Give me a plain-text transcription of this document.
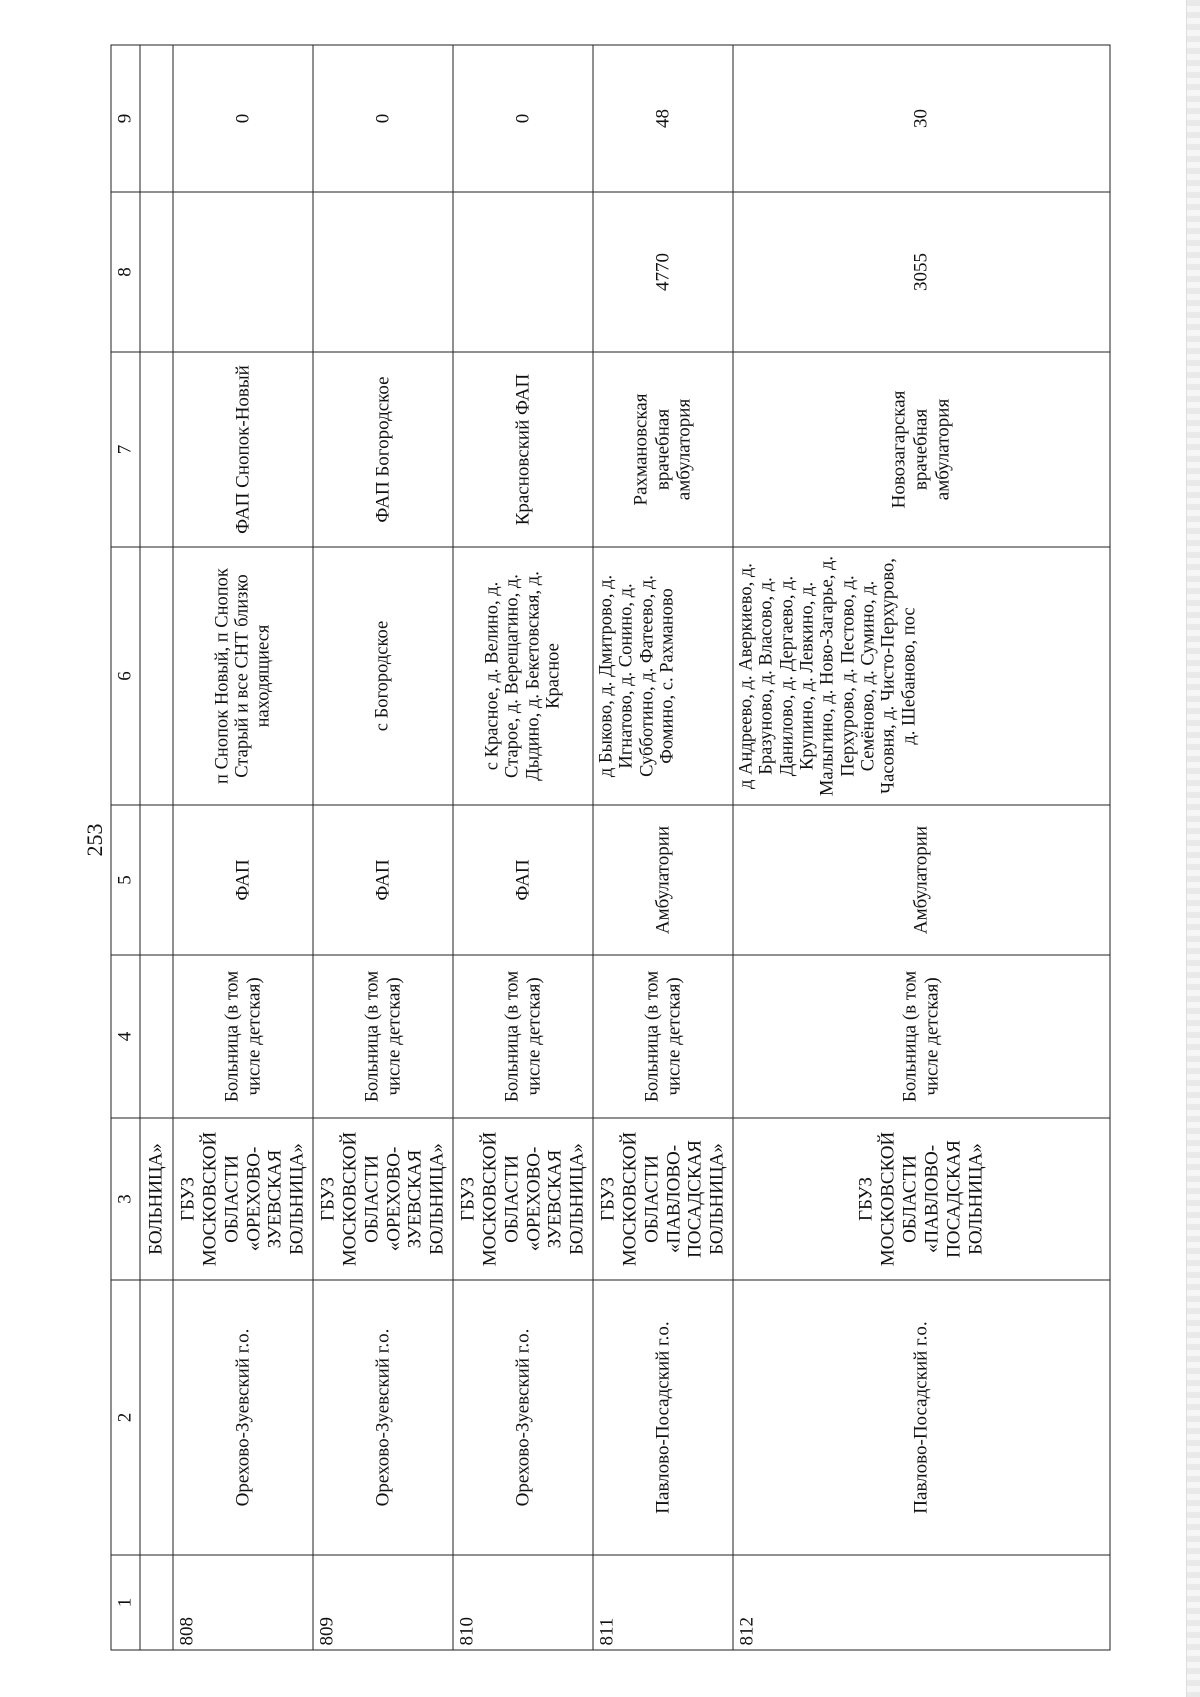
253
1	2	3	4	5	6	7	8	9
		БОЛЬНИЦА»						
808	Орехово-Зуевский г.о.	ГБУЗ МОСКОВСКОЙ ОБЛАСТИ «ОРЕХОВО-ЗУЕВСКАЯ БОЛЬНИЦА»	Больница (в том числе детская)	ФАП	п Снопок Новый, п Снопок Старый и все СНТ близко находящиеся	ФАП Снопок-Новый		0
809	Орехово-Зуевский г.о.	ГБУЗ МОСКОВСКОЙ ОБЛАСТИ «ОРЕХОВО-ЗУЕВСКАЯ БОЛЬНИЦА»	Больница (в том числе детская)	ФАП	с Богородское	ФАП Богородское		0
810	Орехово-Зуевский г.о.	ГБУЗ МОСКОВСКОЙ ОБЛАСТИ «ОРЕХОВО-ЗУЕВСКАЯ БОЛЬНИЦА»	Больница (в том числе детская)	ФАП	с Красное, д. Велино, д. Старое, д. Верещагино, д. Дыдино, д. Бекетовская, д. Красное	Красновский ФАП		0
811	Павлово-Посадский г.о.	ГБУЗ МОСКОВСКОЙ ОБЛАСТИ «ПАВЛОВО-ПОСАДСКАЯ БОЛЬНИЦА»	Больница (в том числе детская)	Амбулатории	д Быково, д. Дмитрово, д. Игнатово, д. Сонино, д. Субботино, д. Фатеево, д. Фомино, с. Рахманово	Рахмановская врачебная амбулатория	4770	48
812	Павлово-Посадский г.о.	ГБУЗ МОСКОВСКОЙ ОБЛАСТИ «ПАВЛОВО-ПОСАДСКАЯ БОЛЬНИЦА»	Больница (в том числе детская)	Амбулатории	д Андреево, д. Аверкиево, д. Бразуново, д. Власово, д. Данилово, д. Дергаево, д. Крупино, д. Левкино, д. Малыгино, д. Ново-Загарье, д. Перхурово, д. Пестово, д. Семёново, д. Сумино, д. Часовня, д. Чисто-Перхурово, д. Шебаново, пос	Новозагарская врачебная амбулатория	3055	30
